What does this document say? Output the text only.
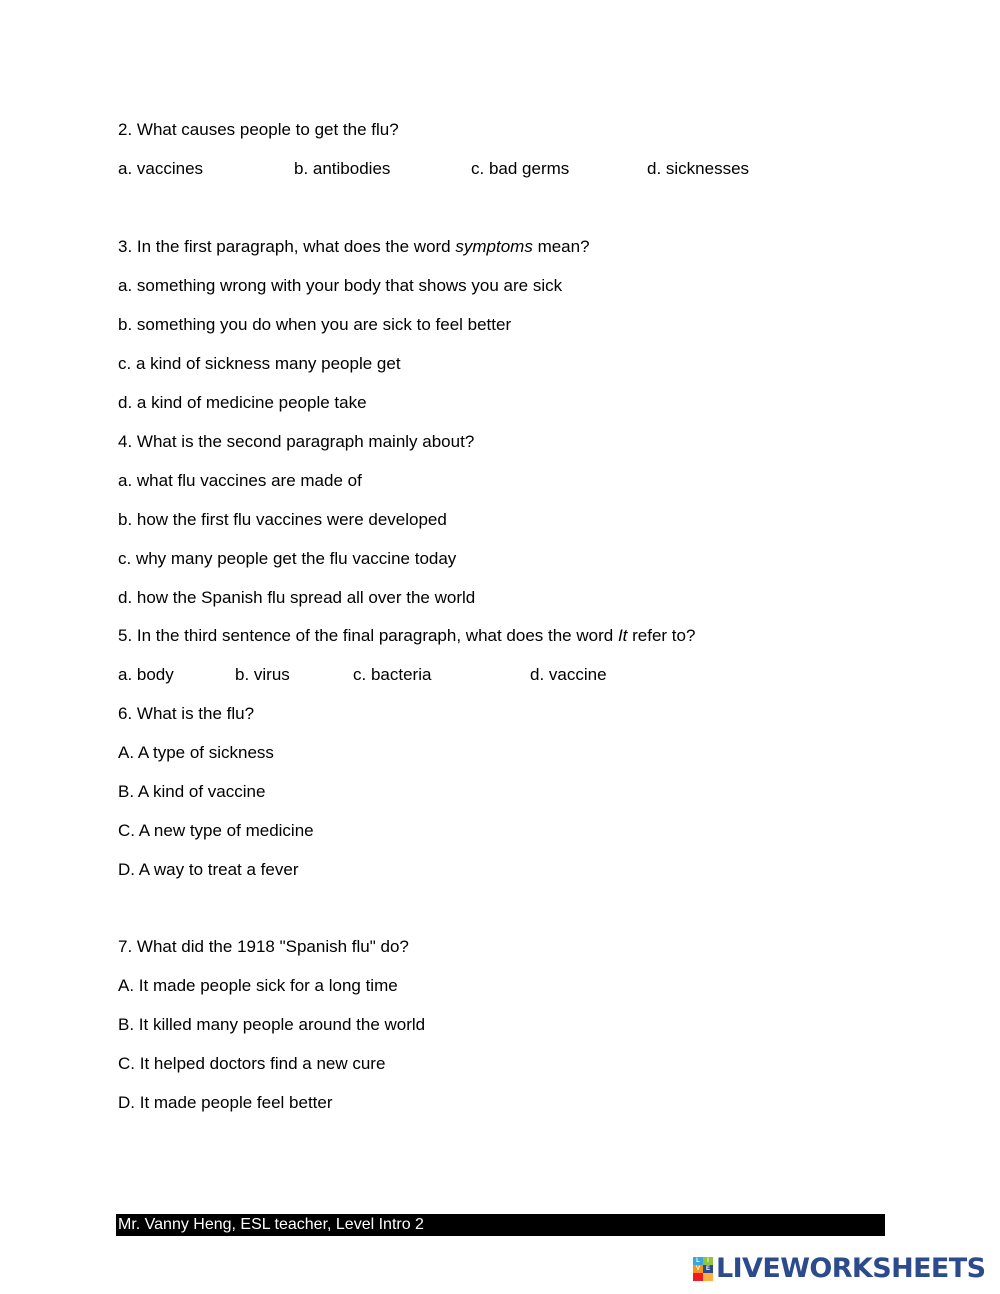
2. What causes people to get the flu?
a. vaccines	b. antibodies	c. bad germs	d. sicknesses
3. In the first paragraph, what does the word symptoms mean?
a. something wrong with your body that shows you are sick
b. something you do when you are sick to feel better
c. a kind of sickness many people get
d. a kind of medicine people take
4. What is the second paragraph mainly about?
a. what flu vaccines are made of
b. how the first flu vaccines were developed
c. why many people get the flu vaccine today
d. how the Spanish flu spread all over the world
5. In the third sentence of the final paragraph, what does the word It refer to?
a. body	b. virus	c. bacteria	d. vaccine
6. What is the flu?
A. A type of sickness
B. A kind of vaccine
C. A new type of medicine
D. A way to treat a fever
7. What did the 1918 "Spanish flu" do?
A. It made people sick for a long time
B. It killed many people around the world
C. It helped doctors find a new cure
D. It made people feel better
Mr. Vanny Heng, ESL teacher, Level Intro 2
L	I
V E LIVEWORKSHEETS
